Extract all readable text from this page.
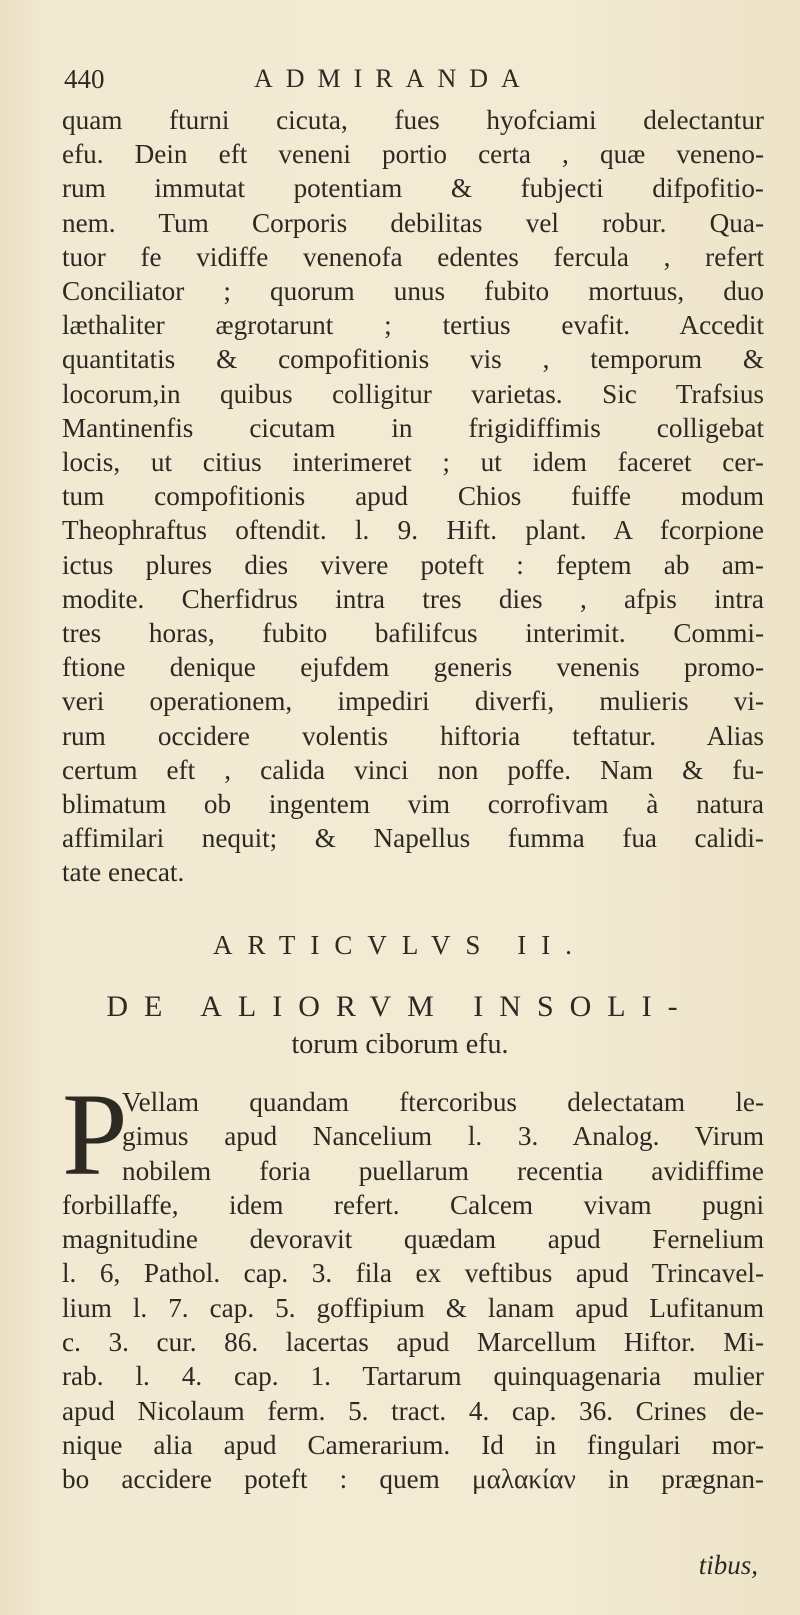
440	ADMIRANDA
quam fturni cicuta, fues hyofciami delectantur
efu. Dein eft veneni portio certa , quæ veneno-
rum immutat potentiam & fubjecti difpofitio-
nem. Tum Corporis debilitas vel robur. Qua-
tuor fe vidiffe venenofa edentes fercula , refert
Conciliator ; quorum unus fubito mortuus, duo
læthaliter ægrotarunt ; tertius evafit. Accedit
quantitatis & compofitionis vis , temporum &
locorum,in quibus colligitur varietas. Sic Trafsius
Mantinenfis cicutam in frigidiffimis colligebat
locis, ut citius interimeret ; ut idem faceret cer-
tum compofitionis apud Chios fuiffe modum
Theophraftus oftendit. l. 9. Hift. plant. A fcorpione
ictus plures dies vivere poteft : feptem ab am-
modite. Cherfidrus intra tres dies , afpis intra
tres horas, fubito bafilifcus interimit. Commi-
ftione denique ejufdem generis venenis promo-
veri operationem, impediri diverfi, mulieris vi-
rum occidere volentis hiftoria teftatur. Alias
certum eft , calida vinci non poffe. Nam & fu-
blimatum ob ingentem vim corrofivam à natura
affimilari nequit; & Napellus fumma fua calidi-
tate enecat.
ARTICVLVS II.
DE ALIORVM INSOLI-
torum ciborum efu.
P
Vellam quandam ftercoribus delectatam le-
gimus apud Nancelium l. 3. Analog. Virum
nobilem foria puellarum recentia avidiffime
forbillaffe, idem refert. Calcem vivam pugni
magnitudine devoravit quædam apud Fernelium
l. 6, Pathol. cap. 3. fila ex veftibus apud Trincavel-
lium l. 7. cap. 5. goffipium & lanam apud Lufitanum
c. 3. cur. 86. lacertas apud Marcellum Hiftor. Mi-
rab. l. 4. cap. 1. Tartarum quinquagenaria mulier
apud Nicolaum ferm. 5. tract. 4. cap. 36. Crines de-
nique alia apud Camerarium. Id in fingulari mor-
bo accidere poteft : quem μαλακίαν in prægnan-
tibus,
